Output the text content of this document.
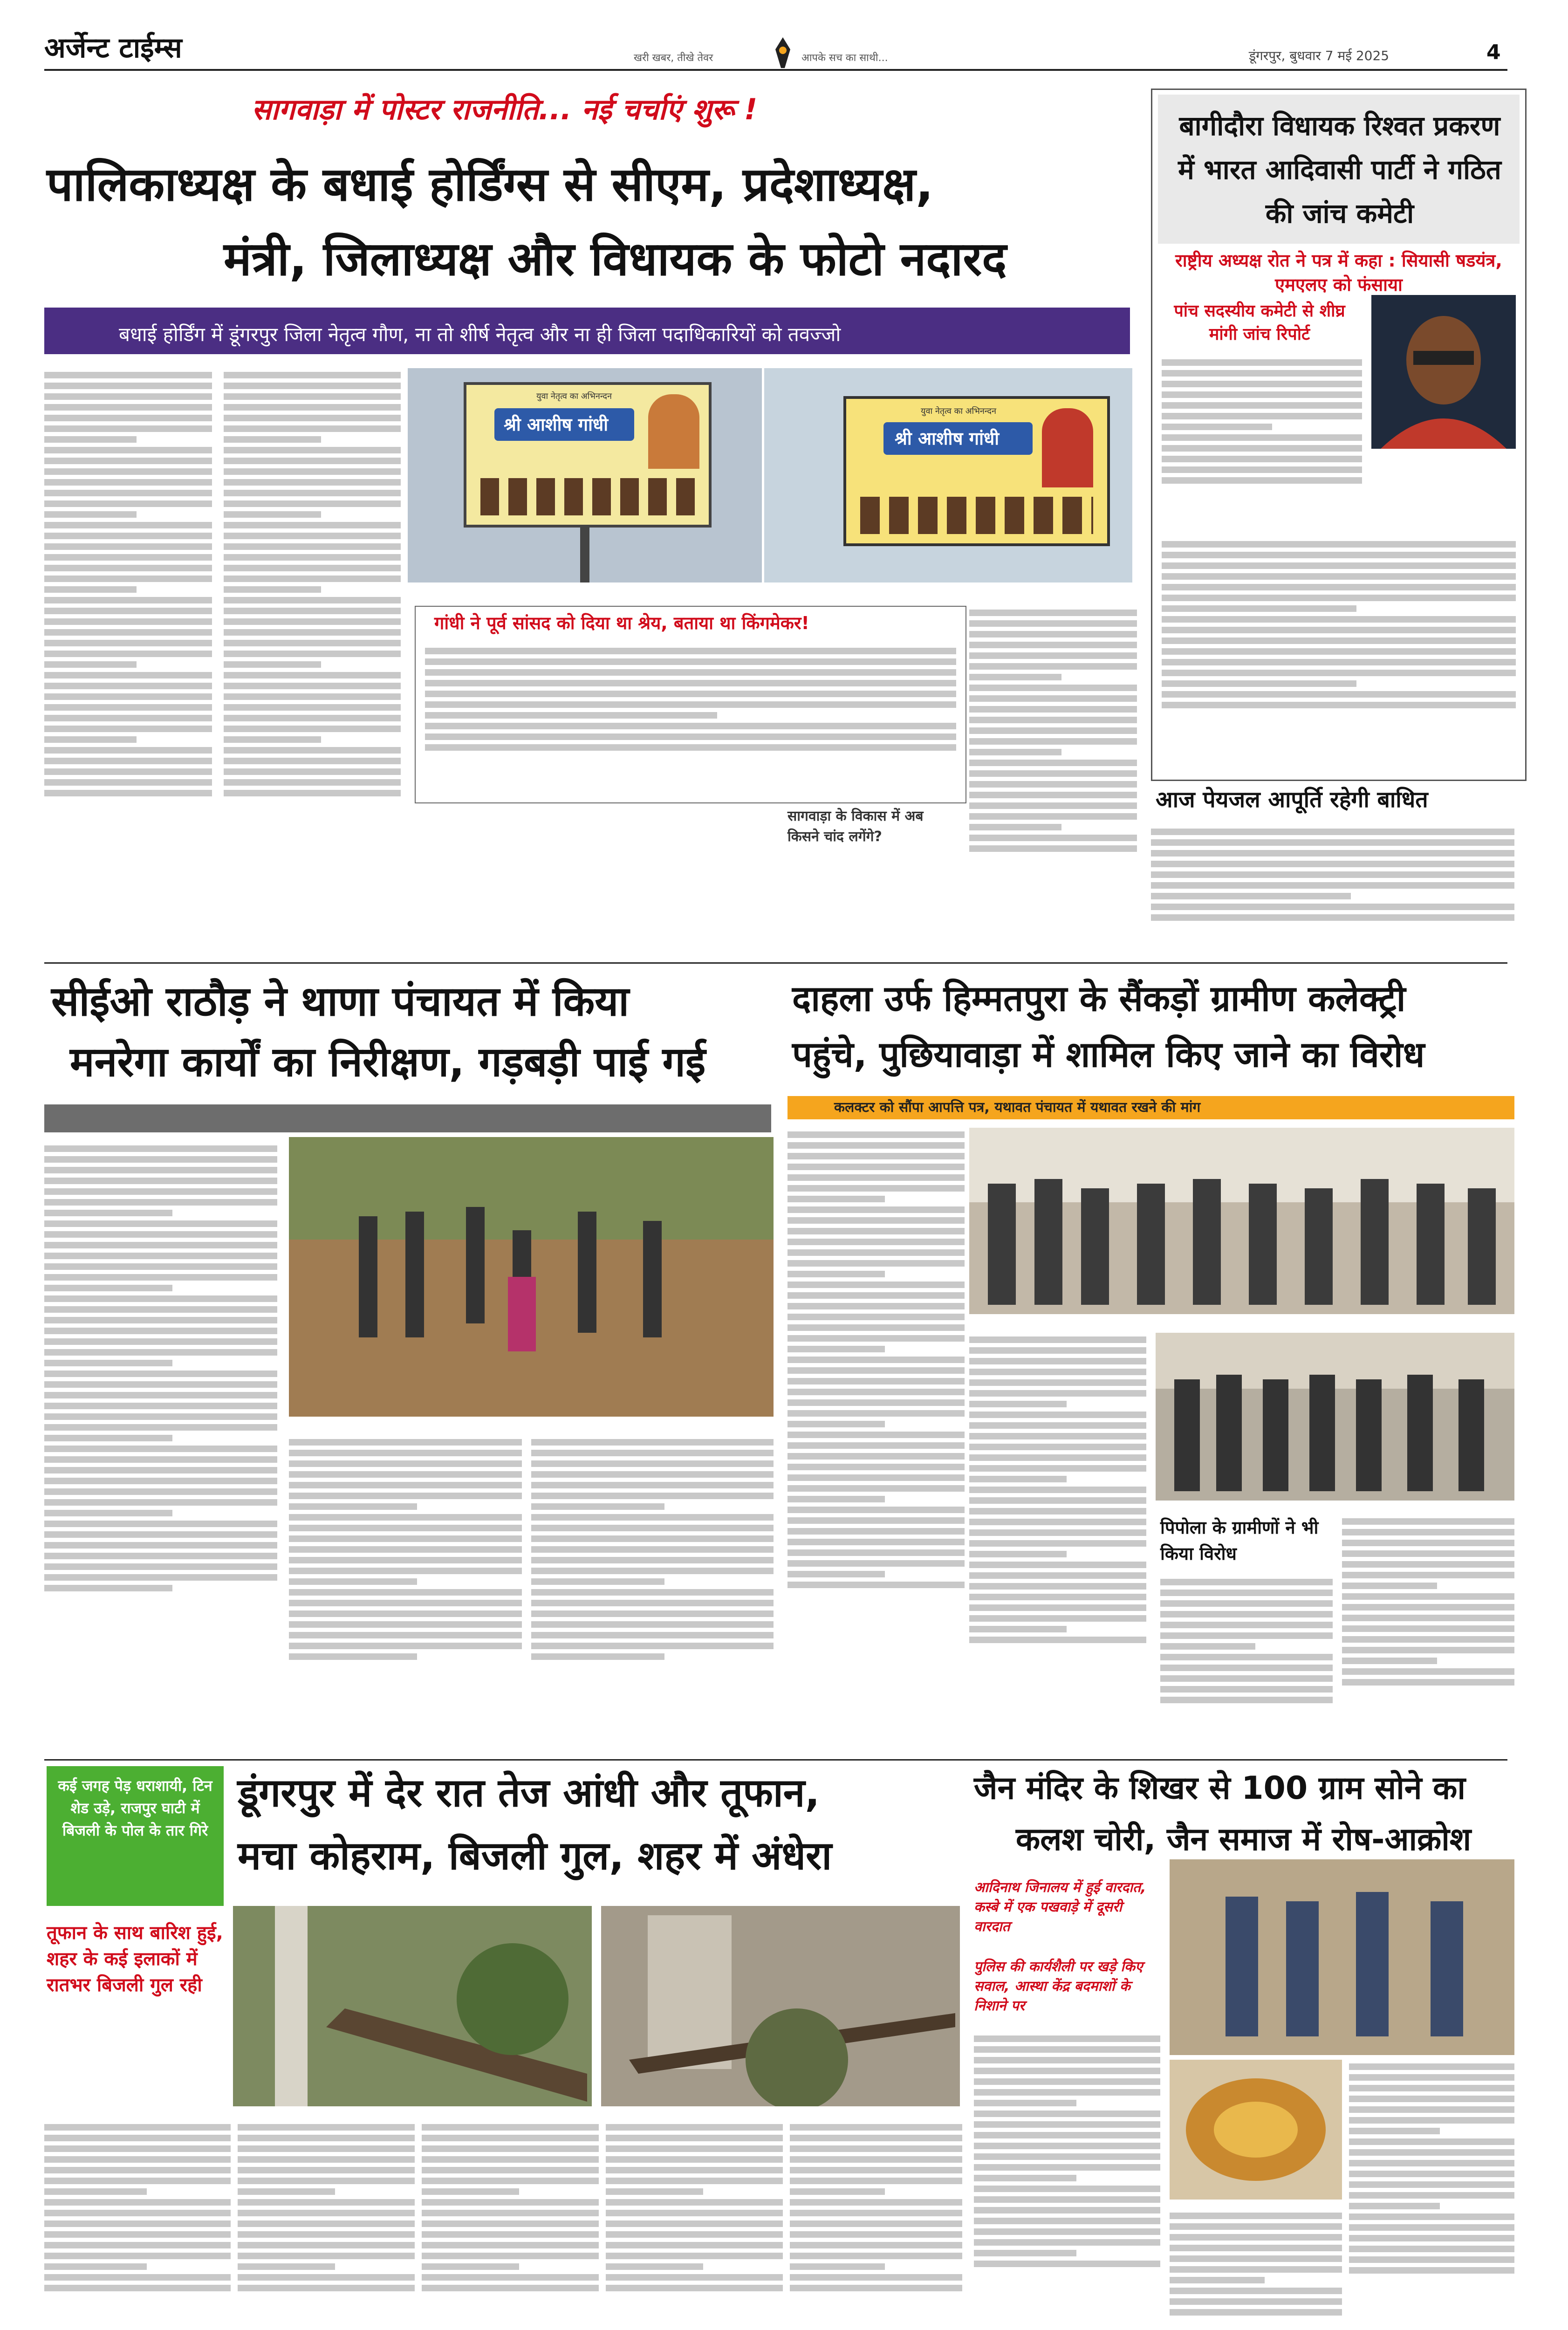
अर्जेन्ट टाईम्स	खरी खबर, तीखे तेवर	आपके सच का साथी...	डूंगरपुर, बुधवार 7 मई 2025	4
सागवाड़ा में पोस्टर राजनीति... नई चर्चाएं शुरू !
पालिकाध्यक्ष के बधाई होर्डिंग्स से सीएम, प्रदेशाध्यक्ष,
मंत्री, जिलाध्यक्ष और विधायक के फोटो नदारद
बधाई होर्डिंग में डूंगरपुर जिला नेतृत्व गौण, ना तो शीर्ष नेतृत्व और ना ही जिला पदाधिकारियों को तवज्जो
युवा नेतृत्व का अभिनन्दन
श्री आशीष गांधी
युवा नेतृत्व का अभिनन्दन
श्री आशीष गांधी
गांधी ने पूर्व सांसद को दिया था श्रेय, बताया था किंगमेकर!
सागवाड़ा के विकास में अब किसने चांद लगेंगे?
बागीदौरा विधायक रिश्वत प्रकरण में भारत आदिवासी पार्टी ने गठित की जांच कमेटी
राष्ट्रीय अध्यक्ष रोत ने पत्र में कहा : सियासी षडयंत्र, एमएलए को फंसाया
पांच सदस्यीय कमेटी से शीघ्र मांगी जांच रिपोर्ट
आज पेयजल आपूर्ति रहेगी बाधित
सीईओ राठौड़ ने थाणा पंचायत में किया
मनरेगा कार्यों का निरीक्षण, गड़बड़ी पाई गई
दाहला उर्फ हिम्मतपुरा के सैंकड़ों ग्रामीण कलेक्ट्री
पहुंचे, पुछियावाड़ा में शामिल किए जाने का विरोध
कलक्टर को सौंपा आपत्ति पत्र, यथावत पंचायत में यथावत रखने की मांग
पिपोला के ग्रामीणों ने भी किया विरोध
कई जगह पेड़ धराशायी, टिन शेड उड़े, राजपुर घाटी में बिजली के पोल के तार गिरे
तूफान के साथ बारिश हुई, शहर के कई इलाकों में रातभर बिजली गुल रही
डूंगरपुर में देर रात तेज आंधी और तूफान,
मचा कोहराम, बिजली गुल, शहर में अंधेरा
जैन मंदिर के शिखर से 100 ग्राम सोने का
कलश चोरी, जैन समाज में रोष-आक्रोश
आदिनाथ जिनालय में हुई वारदात, कस्बे में एक पखवाड़े में दूसरी वारदात
पुलिस की कार्यशैली पर खड़े किए सवाल, आस्था केंद्र बदमाशों के निशाने पर
